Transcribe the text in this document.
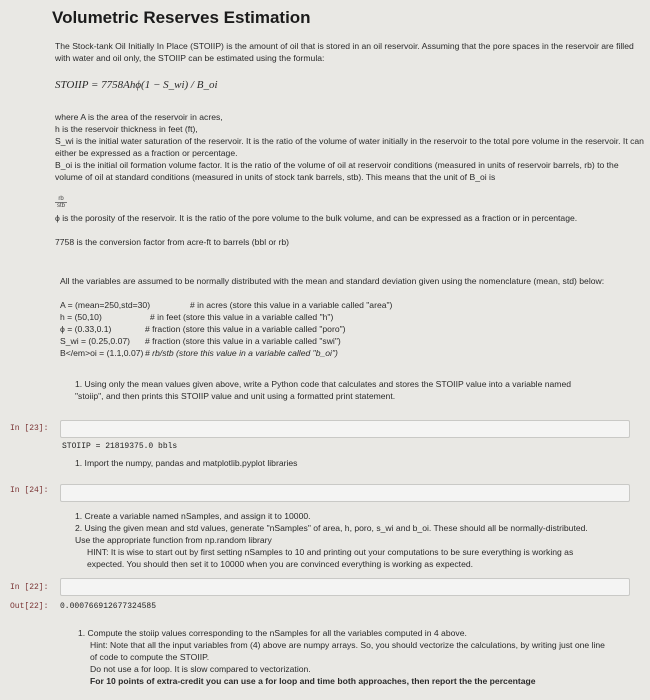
Volumetric Reserves Estimation
The Stock-tank Oil Initially In Place (STOIIP) is the amount of oil that is stored in an oil reservoir. Assuming that the pore spaces in the reservoir are filled with water and oil only, the STOIIP can be estimated using the formula:
STOIIP = 7758Ahϕ(1 − S_wi) / B_oi
where A is the area of the reservoir in acres,
h is the reservoir thickness in feet (ft),
S_wi is the initial water saturation of the reservoir. It is the ratio of the volume of water initially in the reservoir to the total pore volume in the reservoir. It can either be expressed as a fraction or percentage.
B_oi is the initial oil formation volume factor. It is the ratio of the volume of oil at reservoir conditions (measured in units of reservoir barrels, rb) to the volume of oil at standard conditions (measured in units of stock tank barrels, stb). This means that the unit of B_oi is
rb
stb
ϕ is the porosity of the reservoir. It is the ratio of the pore volume to the bulk volume, and can be expressed as a fraction or in percentage.
7758 is the conversion factor from acre-ft to barrels (bbl or rb)
All the variables are assumed to be normally distributed with the mean and standard deviation given using the nomenclature (mean, std) below:
A = (mean=250,std=30)	# in acres (store this value in a variable called "area")
h = (50,10)	# in feet (store this value in a variable called "h")
ϕ = (0.33,0.1)	# fraction (store this value in a variable called "poro")
S_wi = (0.25,0.07) # fraction (store this value in a variable called "swi")
B</em>oi = (1.1,0.07) # rb/stb (store this value in a variable called "b_oi")
1. Using only the mean values given above, write a Python code that calculates and stores the STOIIP value into a variable named "stoiip", and then prints this STOIIP value and unit using a formatted print statement.
In [23]:
STOIIP = 21819375.0 bbls
1. Import the numpy, pandas and matplotlib.pyplot libraries
In [24]:
1. Create a variable named nSamples, and assign it to 10000.
2. Using the given mean and std values, generate "nSamples" of area, h, poro, s_wi and b_oi. These should all be normally-distributed. Use the appropriate function from np.random library
HINT: It is wise to start out by first setting nSamples to 10 and printing out your computations to be sure everything is working as expected. You should then set it to 10000 when you are convinced everything is working as expected.
In [22]:
Out[22]: 0.000766912677324585
1. Compute the stoiip values corresponding to the nSamples for all the variables computed in 4 above.
Hint: Note that all the input variables from (4) above are numpy arrays. So, you should vectorize the calculations, by writing just one line of code to compute the STOIIP.
Do not use a for loop. It is slow compared to vectorization.
For 10 points of extra-credit you can use a for loop and time both approaches, then report the the percentage
